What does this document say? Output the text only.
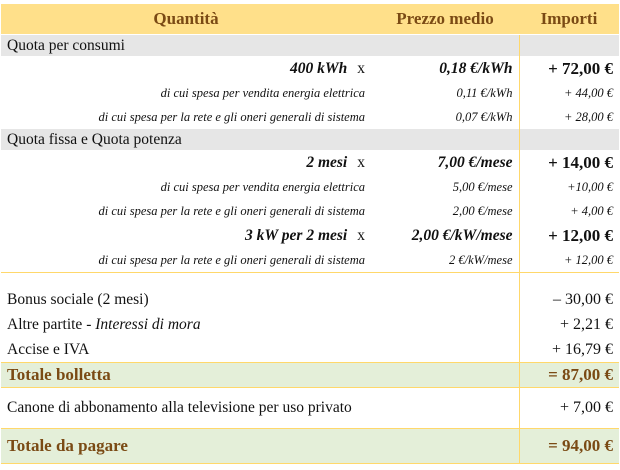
Quantità	Prezzo medio	Importi
Quota per consumi		
400 kWh x	0,18 €/kWh	+ 72,00 €
di cui spesa per vendita energia elettrica	0,11 €/kWh	+ 44,00 €
di cui spesa per la rete e gli oneri generali di sistema	0,07 €/kWh	+ 28,00 €
Quota fissa e Quota potenza		
2 mesi x	7,00 €/mese	+ 14,00 €
di cui spesa per vendita energia elettrica	5,00 €/mese	+10,00 €
di cui spesa per la rete e gli oneri generali di sistema	2,00 €/mese	+ 4,00 €
3 kW per 2 mesi x	2,00 €/kW/mese	+ 12,00 €
di cui spesa per la rete e gli oneri generali di sistema	2 €/kW/mese	+ 12,00 €

Bonus sociale (2 mesi)		– 30,00 €
Altre partite - Interessi di mora		+ 2,21 €
Accise e IVA		+ 16,79 €
Totale bolletta		= 87,00 €
Canone di abbonamento alla televisione per uso privato		+ 7,00 €
Totale da pagare		= 94,00 €
